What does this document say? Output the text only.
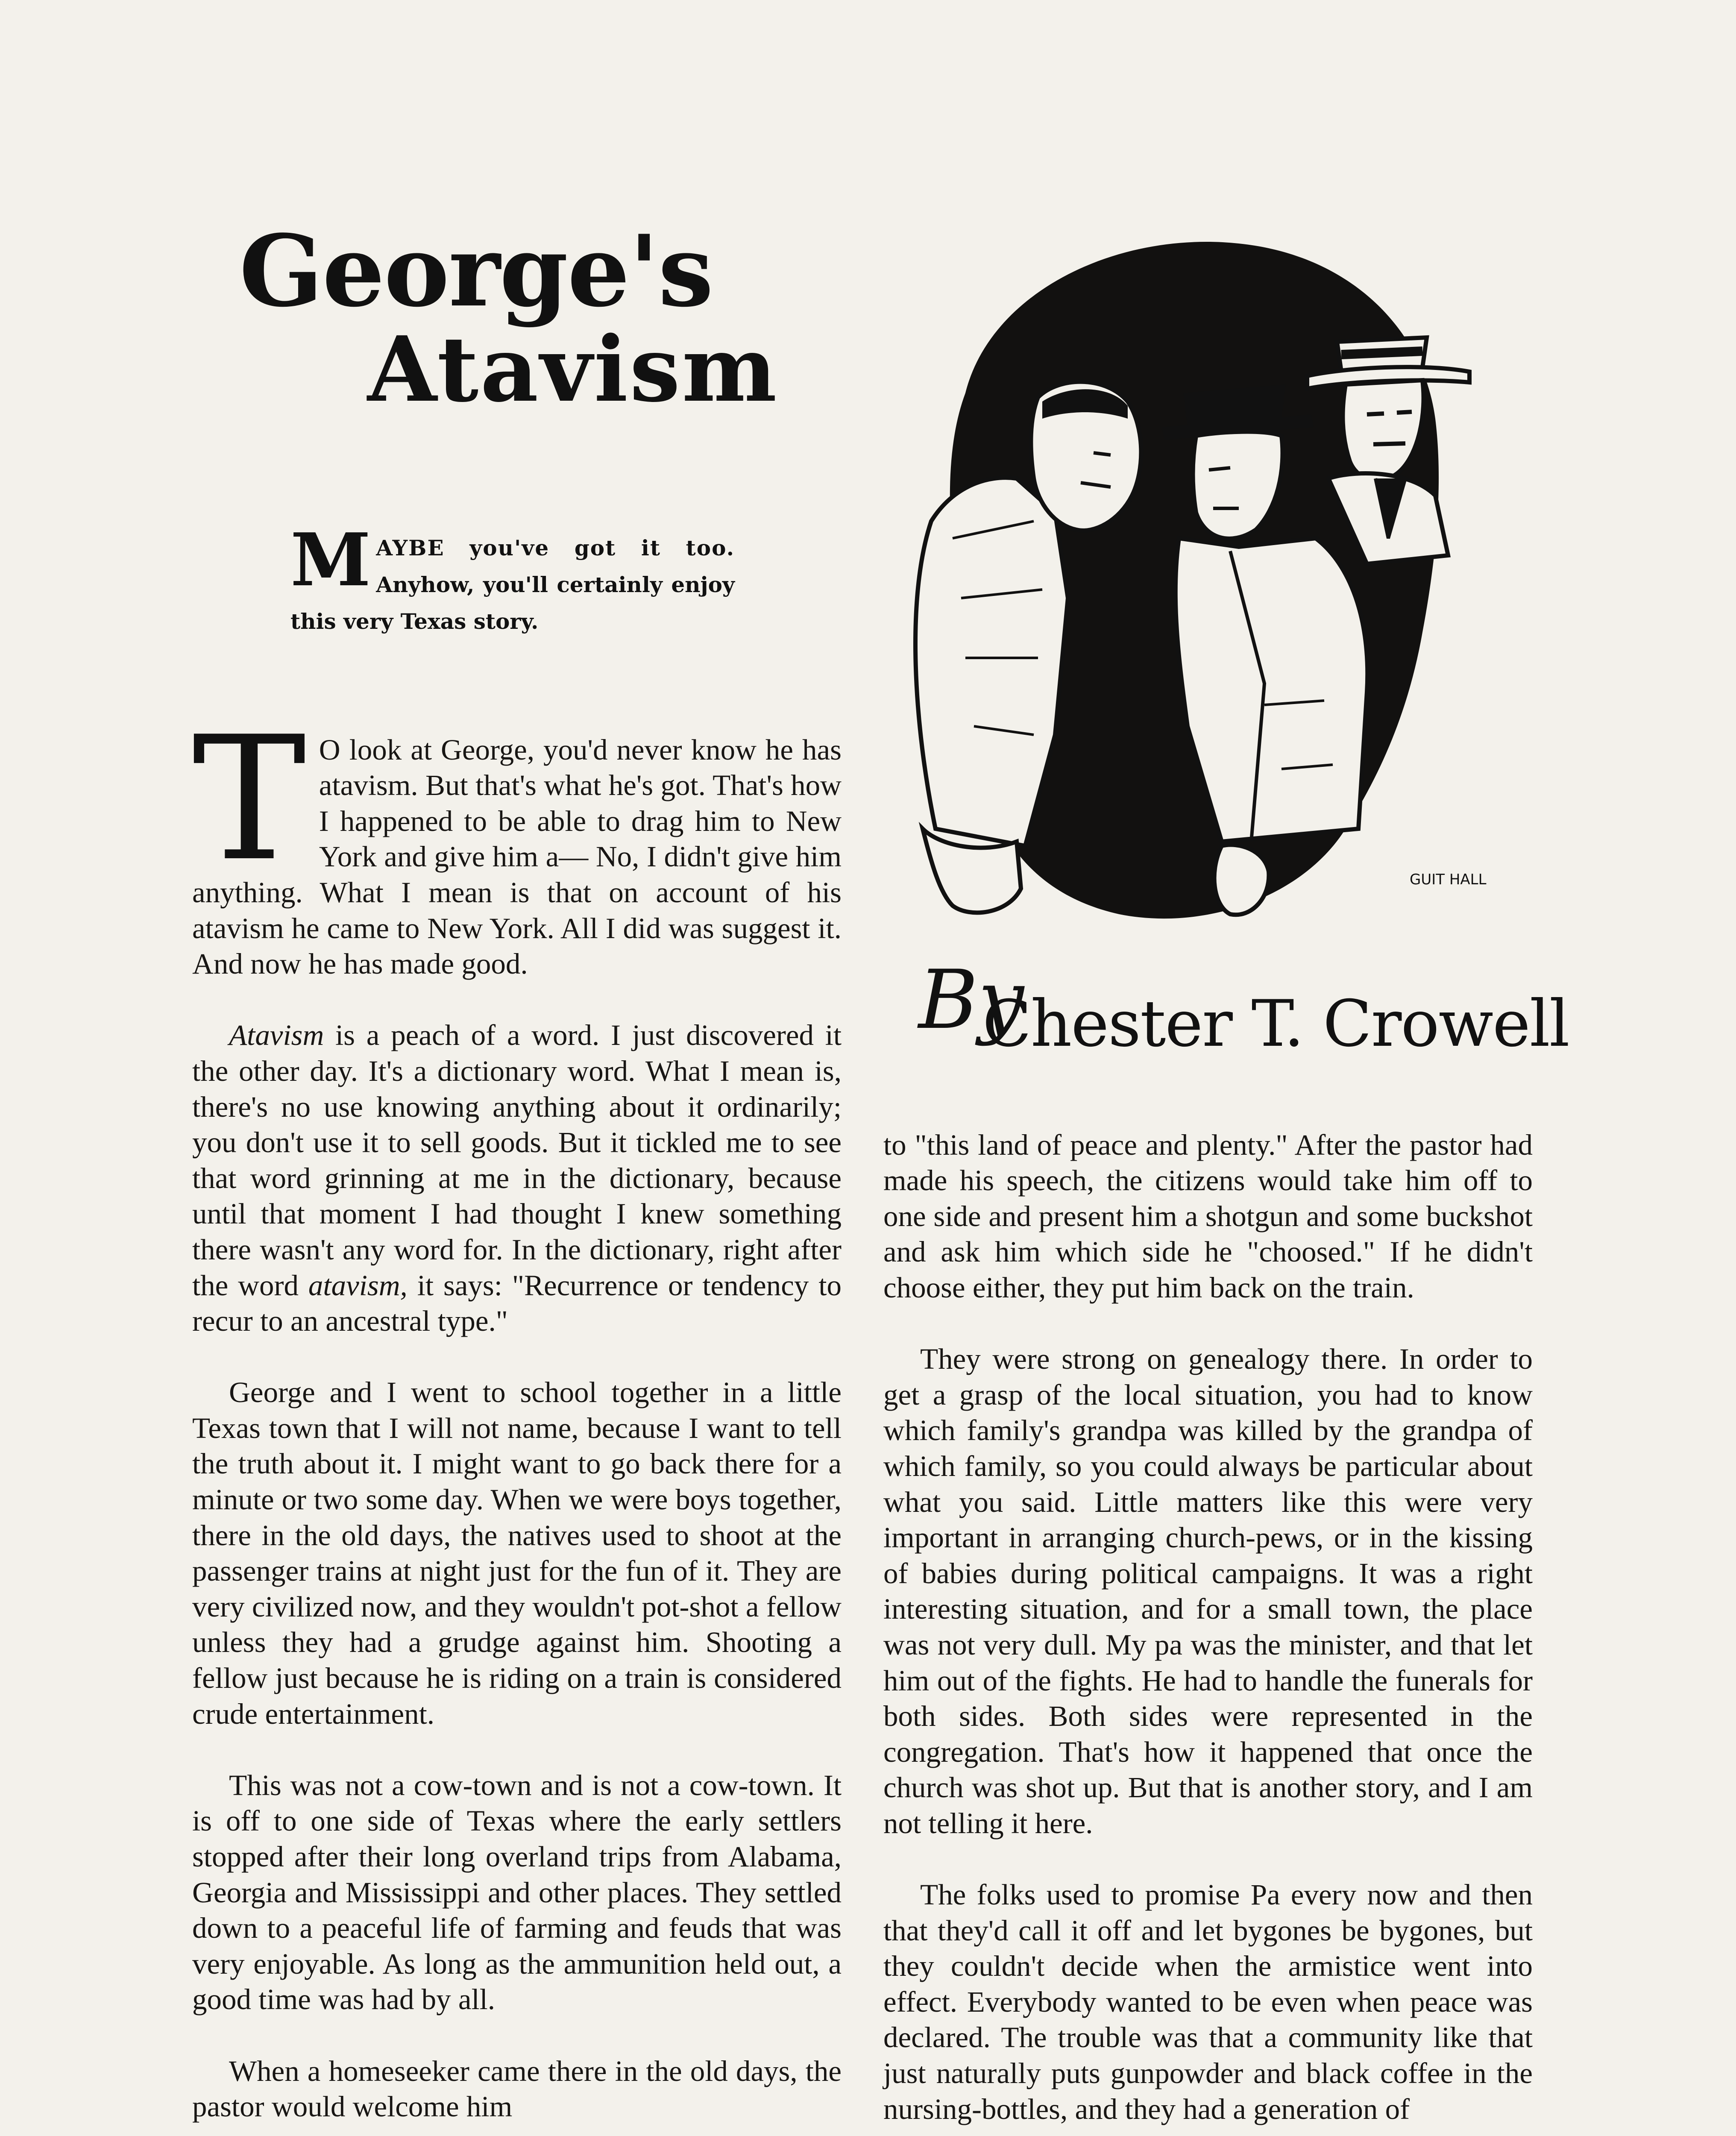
George's
Atavism
M AYBE you've got it too. Anyhow, you'll certainly enjoy this very Texas story.
GUIT HALL
By
Chester T. Crowell

T O look at George, you'd never know he has atavism. But that's what he's got. That's how I happened to be able to drag him to New York and give him a— No, I didn't give him anything. What I mean is that on account of his atavism he came to New York. All I did was suggest it. And now he has made good.

Atavism is a peach of a word. I just discovered it the other day. It's a dictionary word. What I mean is, there's no use knowing anything about it ordinarily; you don't use it to sell goods. But it tickled me to see that word grinning at me in the dictionary, because until that moment I had thought I knew something there wasn't any word for. In the dictionary, right after the word atavism, it says: "Recurrence or tendency to recur to an ancestral type."

George and I went to school together in a little Texas town that I will not name, because I want to tell the truth about it. I might want to go back there for a minute or two some day. When we were boys together, there in the old days, the natives used to shoot at the passenger trains at night just for the fun of it. They are very civilized now, and they wouldn't pot-shot a fellow unless they had a grudge against him. Shooting a fellow just because he is riding on a train is considered crude entertainment.

This was not a cow-town and is not a cow-town. It is off to one side of Texas where the early settlers stopped after their long overland trips from Alabama, Georgia and Mississippi and other places. They settled down to a peaceful life of farming and feuds that was very enjoyable. As long as the ammunition held out, a good time was had by all.

When a homeseeker came there in the old days, the pastor would welcome him

to "this land of peace and plenty." After the pastor had made his speech, the citizens would take him off to one side and present him a shotgun and some buckshot and ask him which side he "choosed." If he didn't choose either, they put him back on the train.

They were strong on genealogy there. In order to get a grasp of the local situation, you had to know which family's grandpa was killed by the grandpa of which family, so you could always be particular about what you said. Little matters like this were very important in arranging church-pews, or in the kissing of babies during political campaigns. It was a right interesting situation, and for a small town, the place was not very dull. My pa was the minister, and that let him out of the fights. He had to handle the funerals for both sides. Both sides were represented in the congregation. That's how it happened that once the church was shot up. But that is another story, and I am not telling it here.

The folks used to promise Pa every now and then that they'd call it off and let bygones be bygones, but they couldn't decide when the armistice went into effect. Everybody wanted to be even when peace was declared. The trouble was that a community like that just naturally puts gunpowder and black coffee in the nursing-bottles, and they had a generation of
